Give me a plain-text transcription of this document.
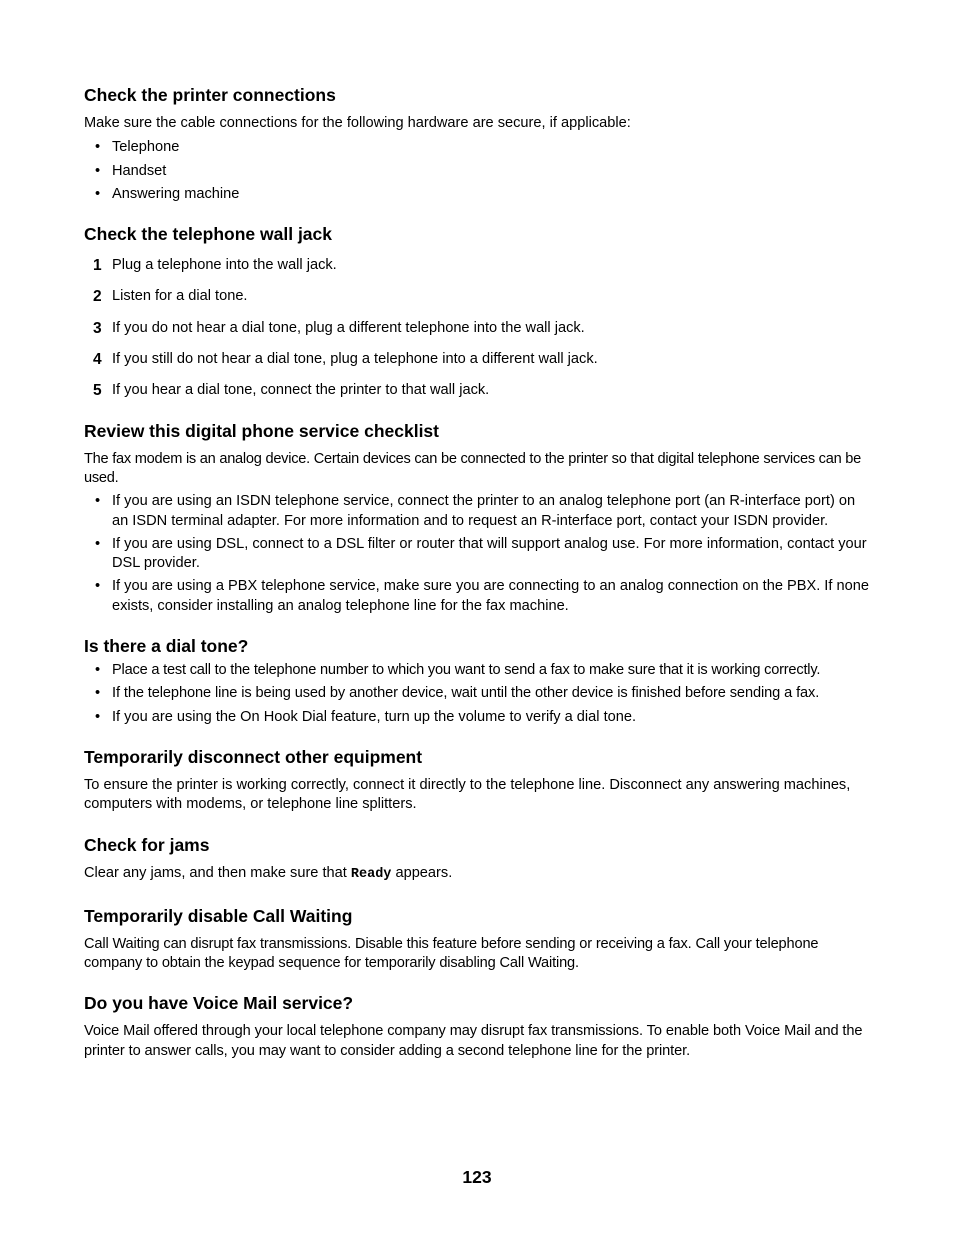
Check the printer connections

Make sure the cable connections for the following hardware are secure, if applicable:

• Telephone
• Handset
• Answering machine
Check the telephone wall jack
1 Plug a telephone into the wall jack.
2 Listen for a dial tone.
3 If you do not hear a dial tone, plug a different telephone into the wall jack.
4 If you still do not hear a dial tone, plug a telephone into a different wall jack.
5 If you hear a dial tone, connect the printer to that wall jack.
Review this digital phone service checklist

The fax modem is an analog device. Certain devices can be connected to the printer so that digital telephone services can be used.

• If you are using an ISDN telephone service, connect the printer to an analog telephone port (an R-interface port) on an ISDN terminal adapter. For more information and to request an R-interface port, contact your ISDN provider.
• If you are using DSL, connect to a DSL filter or router that will support analog use. For more information, contact your DSL provider.
• If you are using a PBX telephone service, make sure you are connecting to an analog connection on the PBX. If none exists, consider installing an analog telephone line for the fax machine.
Is there a dial tone?
• Place a test call to the telephone number to which you want to send a fax to make sure that it is working correctly.
• If the telephone line is being used by another device, wait until the other device is finished before sending a fax.
• If you are using the On Hook Dial feature, turn up the volume to verify a dial tone.
Temporarily disconnect other equipment

To ensure the printer is working correctly, connect it directly to the telephone line. Disconnect any answering machines, computers with modems, or telephone line splitters.

Check for jams

Clear any jams, and then make sure that Ready appears.

Temporarily disable Call Waiting

Call Waiting can disrupt fax transmissions. Disable this feature before sending or receiving a fax. Call your telephone company to obtain the keypad sequence for temporarily disabling Call Waiting.

Do you have Voice Mail service?

Voice Mail offered through your local telephone company may disrupt fax transmissions. To enable both Voice Mail and the printer to answer calls, you may want to consider adding a second telephone line for the printer.

123
